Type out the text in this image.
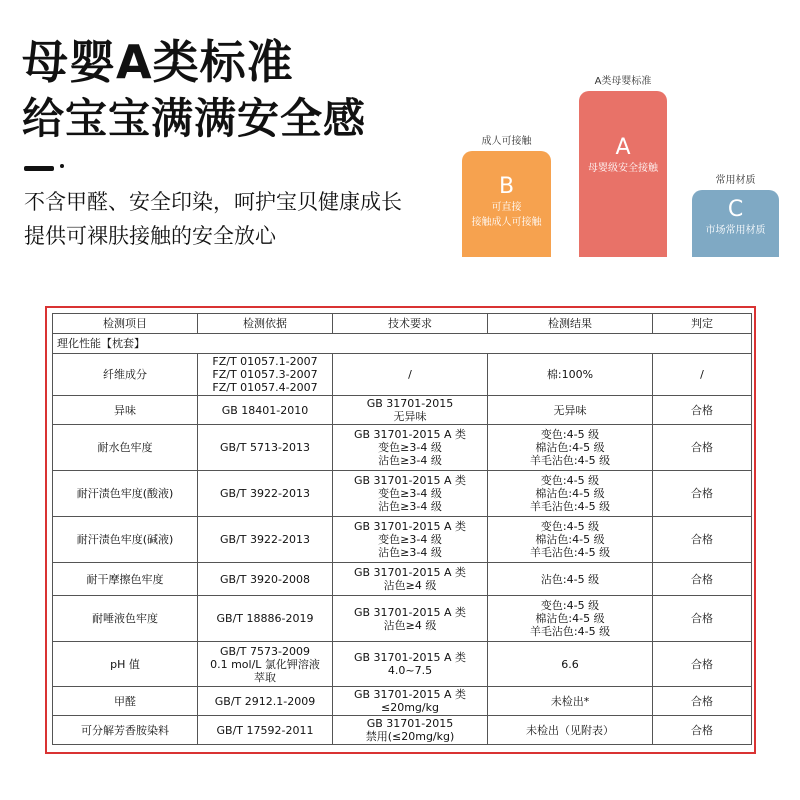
母婴A类标准
给宝宝满满安全感
不含甲醛、安全印染，呵护宝贝健康成长
提供可裸肤接触的安全放心
成人可接触
B
可直接
接触成人可接触
A类母婴标准
A
母婴级安全接触
常用材质
C
市场常用材质
检测项目	检测依据	技术要求	检测结果	判定
理化性能【枕套】				
纤维成分	FZ/T 01057.1-2007
FZ/T 01057.3-2007
FZ/T 01057.4-2007	/	棉:100%	/
异味	GB 18401-2010	GB 31701-2015
无异味	无异味	合格
耐水色牢度	GB/T 5713-2013	GB 31701-2015 A 类
变色≥3-4 级
沾色≥3-4 级	变色:4-5 级
棉沾色:4-5 级
羊毛沾色:4-5 级	合格
耐汗渍色牢度(酸液)	GB/T 3922-2013	GB 31701-2015 A 类
变色≥3-4 级
沾色≥3-4 级	变色:4-5 级
棉沾色:4-5 级
羊毛沾色:4-5 级	合格
耐汗渍色牢度(碱液)	GB/T 3922-2013	GB 31701-2015 A 类
变色≥3-4 级
沾色≥3-4 级	变色:4-5 级
棉沾色:4-5 级
羊毛沾色:4-5 级	合格
耐干摩擦色牢度	GB/T 3920-2008	GB 31701-2015 A 类
沾色≥4 级	沾色:4-5 级	合格
耐唾液色牢度	GB/T 18886-2019	GB 31701-2015 A 类
沾色≥4 级	变色:4-5 级
棉沾色:4-5 级
羊毛沾色:4-5 级	合格
pH 值	GB/T 7573-2009
0.1 mol/L 氯化钾溶液
萃取	GB 31701-2015 A 类
4.0~7.5	6.6	合格
甲醛	GB/T 2912.1-2009	GB 31701-2015 A 类
≤20mg/kg	未检出*	合格
可分解芳香胺染料	GB/T 17592-2011	GB 31701-2015
禁用(≤20mg/kg)	未检出（见附表）	合格
